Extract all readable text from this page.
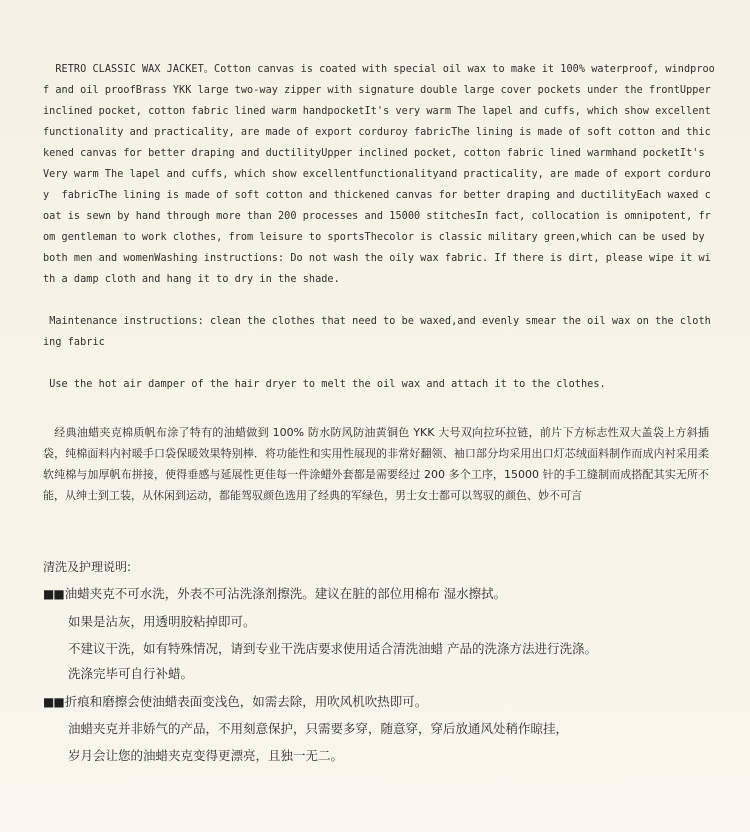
RETRO CLASSIC WAX JACKET。Cotton canvas is coated with special oil wax to make it 100% waterproof, windproof and oil proofBrass YKK large two-way zipper with signature double large cover pockets under the frontUpper inclined pocket, cotton fabric lined warm handpocketIt's very warm The lapel and cuffs, which show excellent functionality and practicality, are made of export corduroy fabricThe lining is made of soft cotton and thickened canvas for better draping and ductilityUpper inclined pocket, cotton fabric lined warmhand pocketIt's Very warm The lapel and cuffs, which show excellentfunctionalityand practicality, are made of export corduroy  fabricThe lining is made of soft cotton and thickened canvas for better draping and ductilityEach waxed coat is sewn by hand through more than 200 processes and 15000 stitchesIn fact, collocation is omnipotent, from gentleman to work clothes, from leisure to sportsThecolor is classic military green,which can be used by both men and womenWashing instructions: Do not wash the oily wax fabric. If there is dirt, please wipe it with a damp cloth and hang it to dry in the shade.
Maintenance instructions: clean the clothes that need to be waxed,and evenly smear the oil wax on the clothing fabric
Use the hot air damper of the hair dryer to melt the oil wax and attach it to the clothes.
　经典油蜡夹克棉质帆布涂了特有的油蜡做到 100% 防水防风防油黄铜色 YKK 大号双向拉环拉链，前片下方标志性双大盖袋上方斜插袋，纯棉面料内衬暖手口袋保暖效果特别棒．将功能性和实用性展现的非常好翻领、袖口部分均采用出口灯芯绒面料制作而成内衬采用柔软纯棉与加厚帆布拼接，使得垂感与延展性更佳每一件涂蜡外套都是需要经过 200 多个工序，15000 针的手工缝制而成搭配其实无所不能，从绅士到工装，从休闲到运动，都能驾驭颜色选用了经典的军绿色，男士女士都可以驾驭的颜色、妙不可言
清洗及护理说明:
■■油蜡夹克不可水洗，外表不可沾洗涤剂擦洗。建议在脏的部位用棉布 湿水擦拭。
如果是沾灰，用透明胶粘掉即可。
不建议干洗，如有特殊情况，请到专业干洗店要求使用适合清洗油蜡 产品的洗涤方法进行洗涤。
洗涤完毕可自行补蜡。
■■折痕和磨擦会使油蜡表面变浅色，如需去除，用吹风机吹热即可。
油蜡夹克并非娇气的产品，不用刻意保护，只需要多穿，随意穿，穿后放通风处稍作晾挂，
岁月会让您的油蜡夹克变得更漂亮，且独一无二。
